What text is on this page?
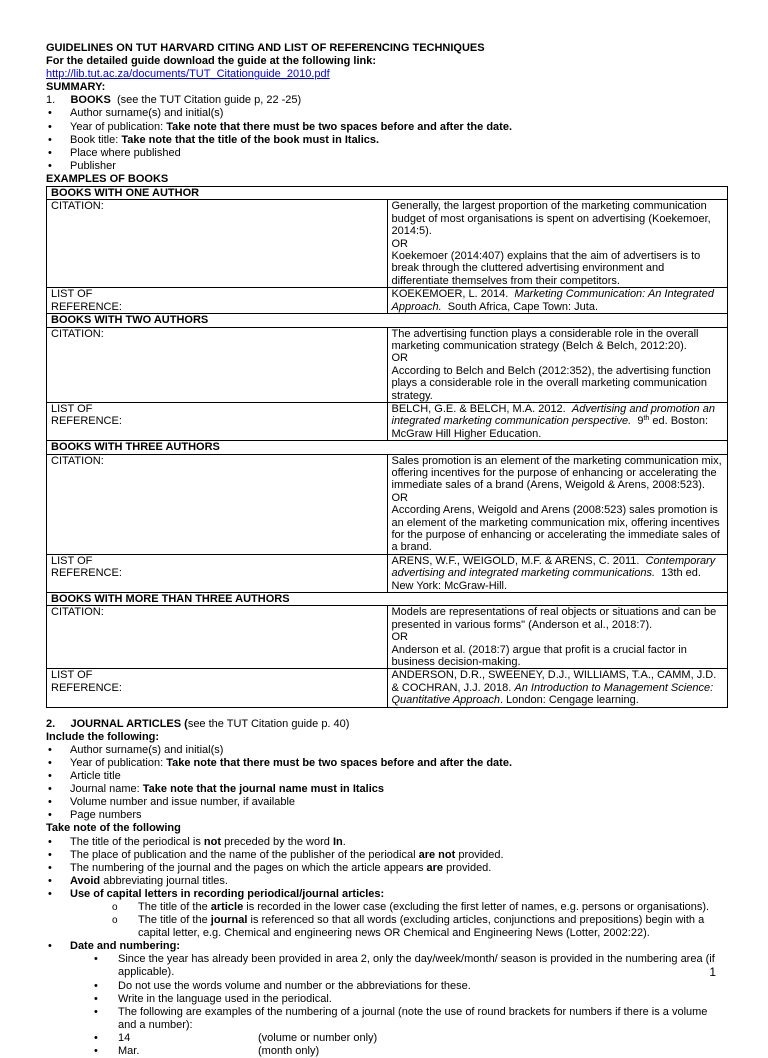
GUIDELINES ON TUT HARVARD CITING AND LIST OF REFERENCING TECHNIQUES
For the detailed guide download the guide at the following link:
http://lib.tut.ac.za/documents/TUT_Citationguide_2010.pdf
SUMMARY:
1. BOOKS (see the TUT Citation guide p, 22 -25)
• Author surname(s) and initial(s)
• Year of publication: Take note that there must be two spaces before and after the date.
• Book title: Take note that the title of the book must in Italics.
• Place where published
• Publisher
EXAMPLES OF BOOKS
BOOKS WITH ONE AUTHOR	
CITATION:	Generally, the largest proportion of the marketing communication budget of most organisations is spent on advertising (Koekemoer, 2014:5).
OR
Koekemoer (2014:407) explains that the aim of advertisers is to break through the cluttered advertising environment and differentiate themselves from their competitors.

LIST OF
REFERENCE:	KOEKEMOER, L. 2014. Marketing Communication: An Integrated Approach. South Africa, Cape Town: Juta.
BOOKS WITH TWO AUTHORS	
CITATION:	The advertising function plays a considerable role in the overall marketing communication strategy (Belch & Belch, 2012:20).
OR
According to Belch and Belch (2012:352), the advertising function plays a considerable role in the overall marketing communication strategy.

LIST OF
REFERENCE:	BELCH, G.E. & BELCH, M.A. 2012. Advertising and promotion an integrated marketing communication perspective. 9th ed. Boston: McGraw Hill Higher Education.
BOOKS WITH THREE AUTHORS	
CITATION:	Sales promotion is an element of the marketing communication mix, offering incentives for the purpose of enhancing or accelerating the immediate sales of a brand (Arens, Weigold & Arens, 2008:523).
OR
According Arens, Weigold and Arens (2008:523) sales promotion is an element of the marketing communication mix, offering incentives for the purpose of enhancing or accelerating the immediate sales of a brand.

LIST OF
REFERENCE:	ARENS, W.F., WEIGOLD, M.F. & ARENS, C. 2011. Contemporary advertising and integrated marketing communications. 13th ed. New York: McGraw-Hill.
BOOKS WITH MORE THAN THREE AUTHORS	
CITATION:	Models are representations of real objects or situations and can be presented in various forms" (Anderson et al., 2018:7).
OR
Anderson et al. (2018:7) argue that profit is a crucial factor in business decision-making.

LIST OF
REFERENCE:	ANDERSON, D.R., SWEENEY, D.J., WILLIAMS, T.A., CAMM, J.D. & COCHRAN, J.J. 2018. An Introduction to Management Science: Quantitative Approach. London: Cengage learning.
2. JOURNAL ARTICLES (see the TUT Citation guide p. 40)
Include the following:
• Author surname(s) and initial(s)
• Year of publication: Take note that there must be two spaces before and after the date.
• Article title
• Journal name: Take note that the journal name must in Italics
• Volume number and issue number, if available
• Page numbers
Take note of the following
• The title of the periodical is not preceded by the word In.
• The place of publication and the name of the publisher of the periodical are not provided.
• The numbering of the journal and the pages on which the article appears are provided.
• Avoid abbreviating journal titles.
• Use of capital letters in recording periodical/journal articles:
o The title of the article is recorded in the lower case (excluding the first letter of names, e.g. persons or organisations).
o The title of the journal is referenced so that all words (excluding articles, conjunctions and prepositions) begin with a capital letter, e.g. Chemical and engineering news OR Chemical and Engineering News (Lotter, 2002:22).
• Date and numbering:
• Since the year has already been provided in area 2, only the day/week/month/ season is provided in the numbering area (if applicable).
• Do not use the words volume and number or the abbreviations for these.
• Write in the language used in the periodical.
• The following are examples of the numbering of a journal (note the use of round brackets for numbers if there is a volume and a number):
• 14	(volume or number only)
• Mar.	(month only)
1
